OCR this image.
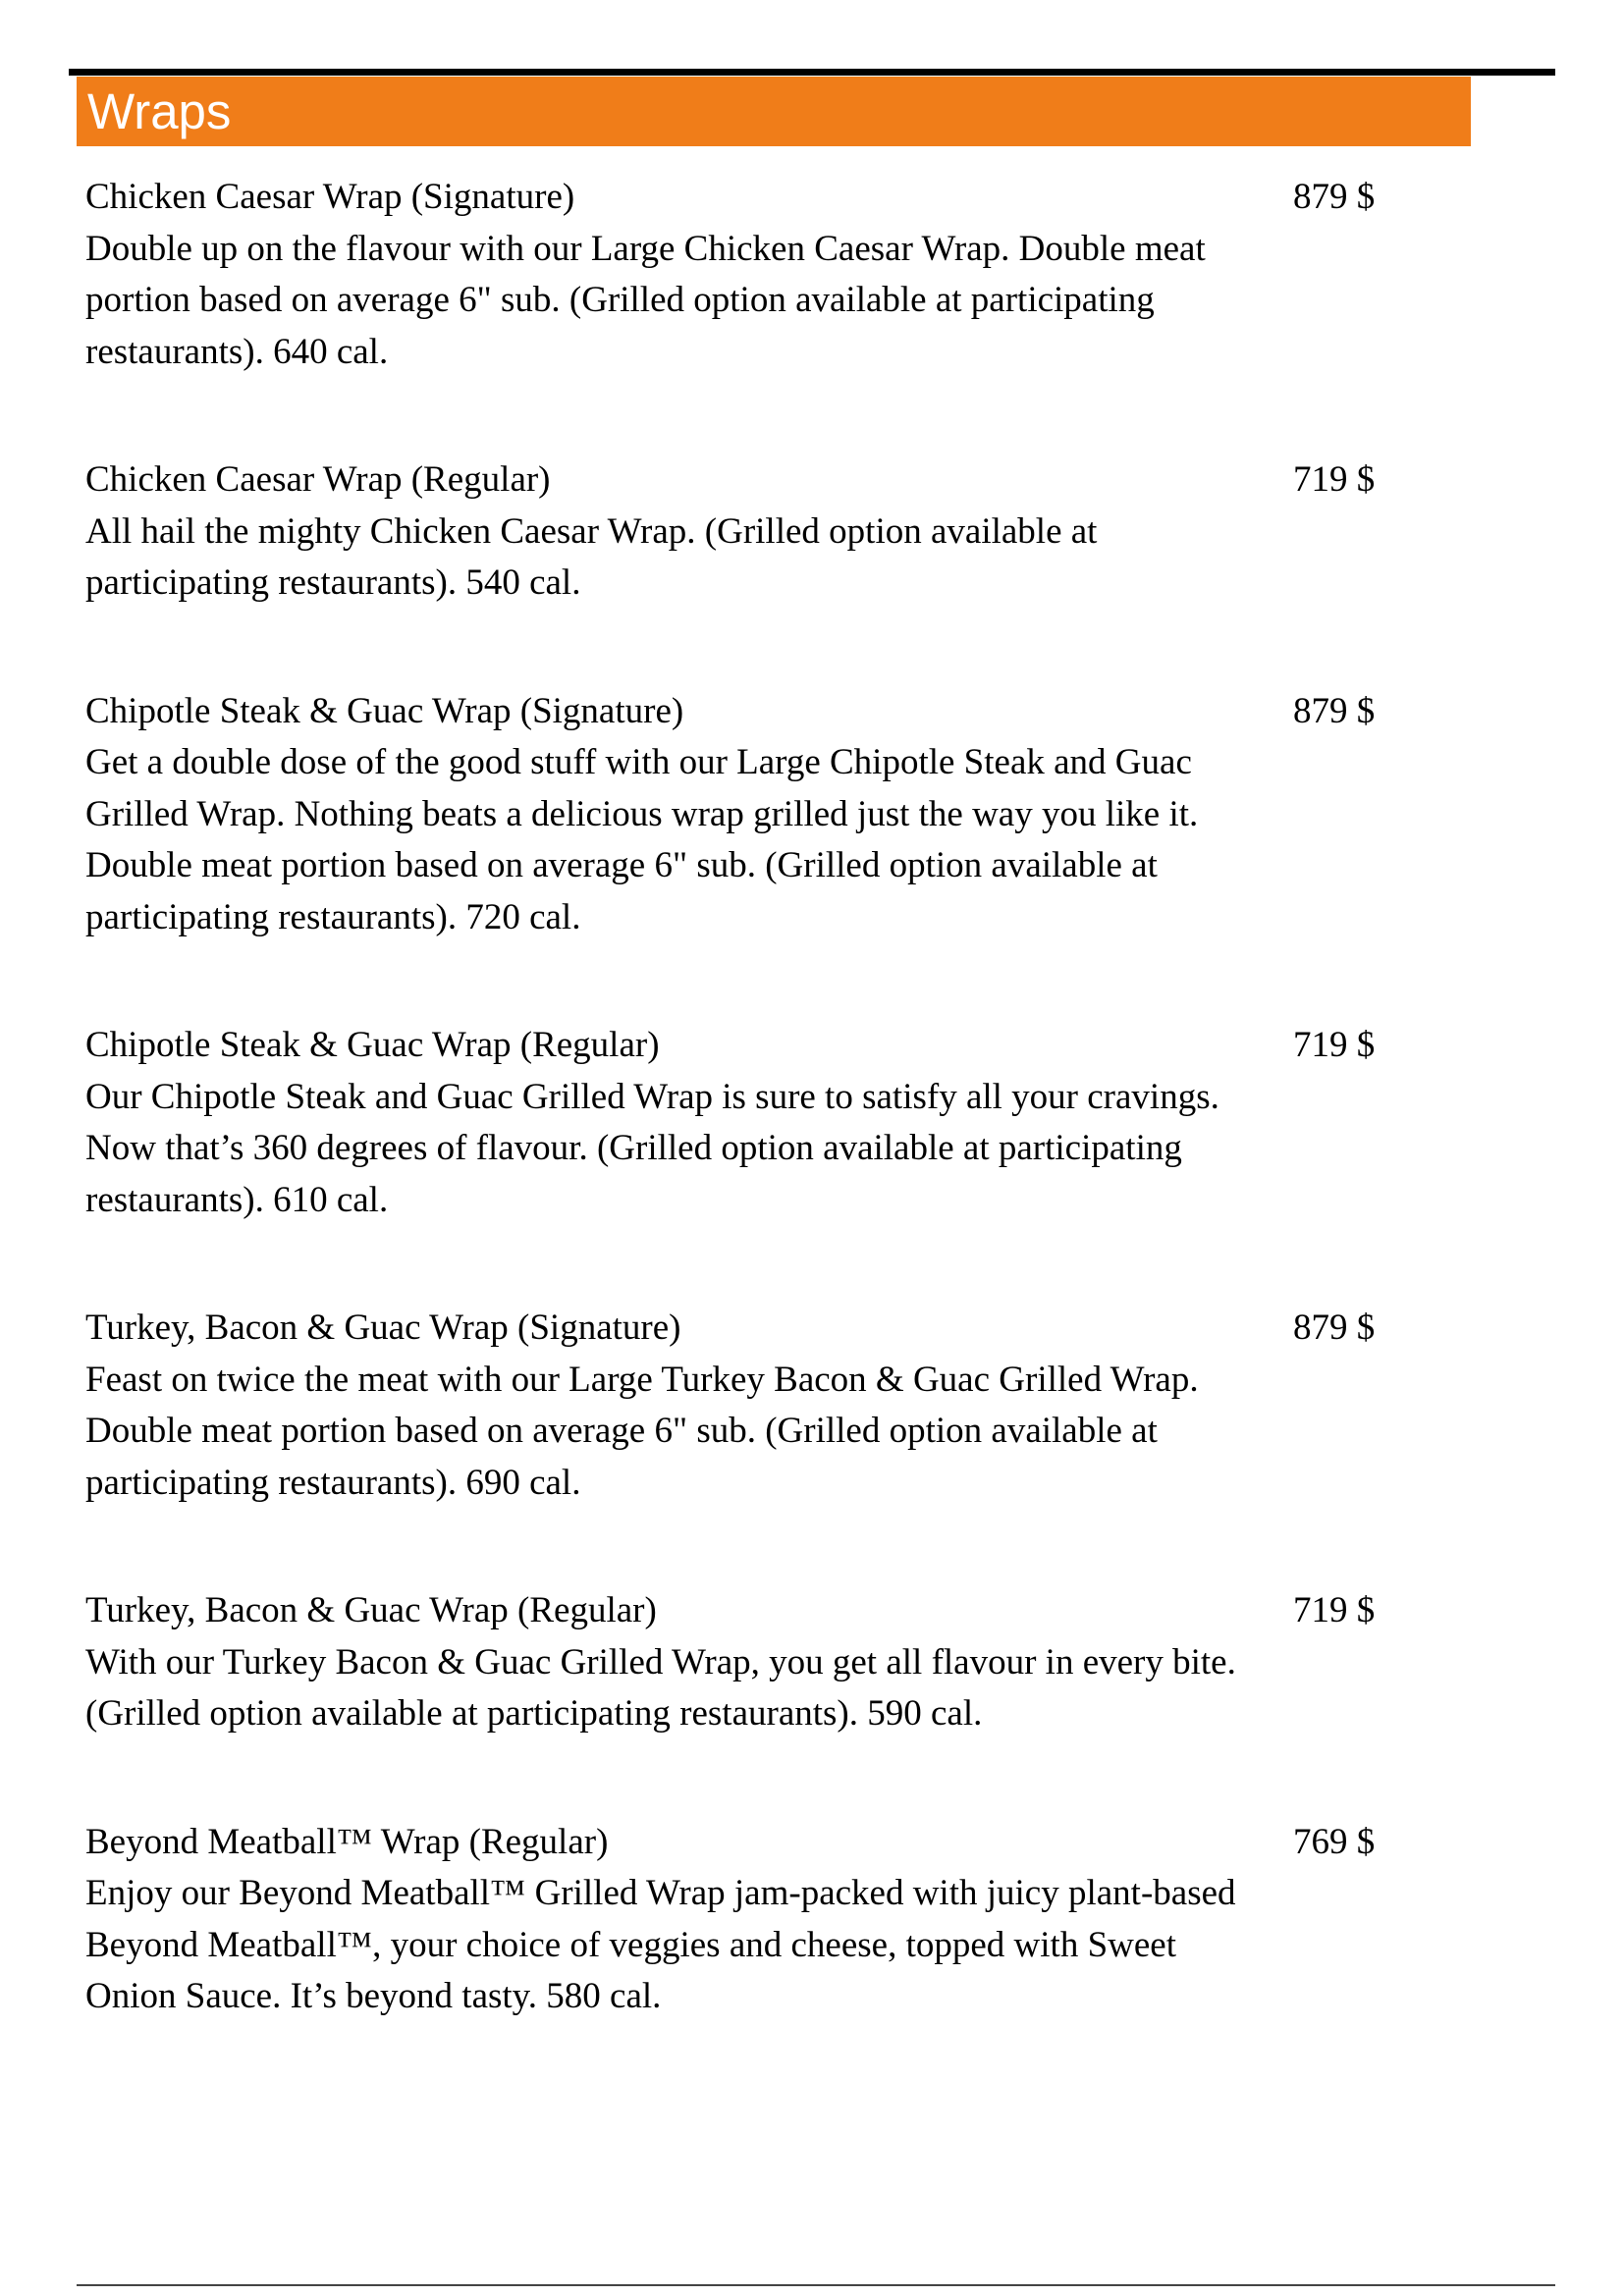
Wraps
Chicken Caesar Wrap (Signature)
Double up on the flavour with our Large Chicken Caesar Wrap. Double meat portion based on average 6" sub. (Grilled option available at participating restaurants). 640 cal.
879 $
Chicken Caesar Wrap (Regular)
All hail the mighty Chicken Caesar Wrap. (Grilled option available at participating restaurants). 540 cal.
719 $
Chipotle Steak & Guac Wrap (Signature)
Get a double dose of the good stuff with our Large Chipotle Steak and Guac Grilled Wrap. Nothing beats a delicious wrap grilled just the way you like it. Double meat portion based on average 6" sub. (Grilled option available at participating restaurants). 720 cal.
879 $
Chipotle Steak & Guac Wrap (Regular)
Our Chipotle Steak and Guac Grilled Wrap is sure to satisfy all your cravings. Now that’s 360 degrees of flavour. (Grilled option available at participating restaurants). 610 cal.
719 $
Turkey, Bacon & Guac Wrap (Signature)
Feast on twice the meat with our Large Turkey Bacon & Guac Grilled Wrap. Double meat portion based on average 6" sub. (Grilled option available at participating restaurants). 690 cal.
879 $
Turkey, Bacon & Guac Wrap (Regular)
With our Turkey Bacon & Guac Grilled Wrap, you get all flavour in every bite. (Grilled option available at participating restaurants). 590 cal.
719 $
Beyond Meatball™ Wrap (Regular)
Enjoy our Beyond Meatball™ Grilled Wrap jam-packed with juicy plant-based Beyond Meatball™, your choice of veggies and cheese, topped with Sweet Onion Sauce. It’s beyond tasty. 580 cal.
769 $
